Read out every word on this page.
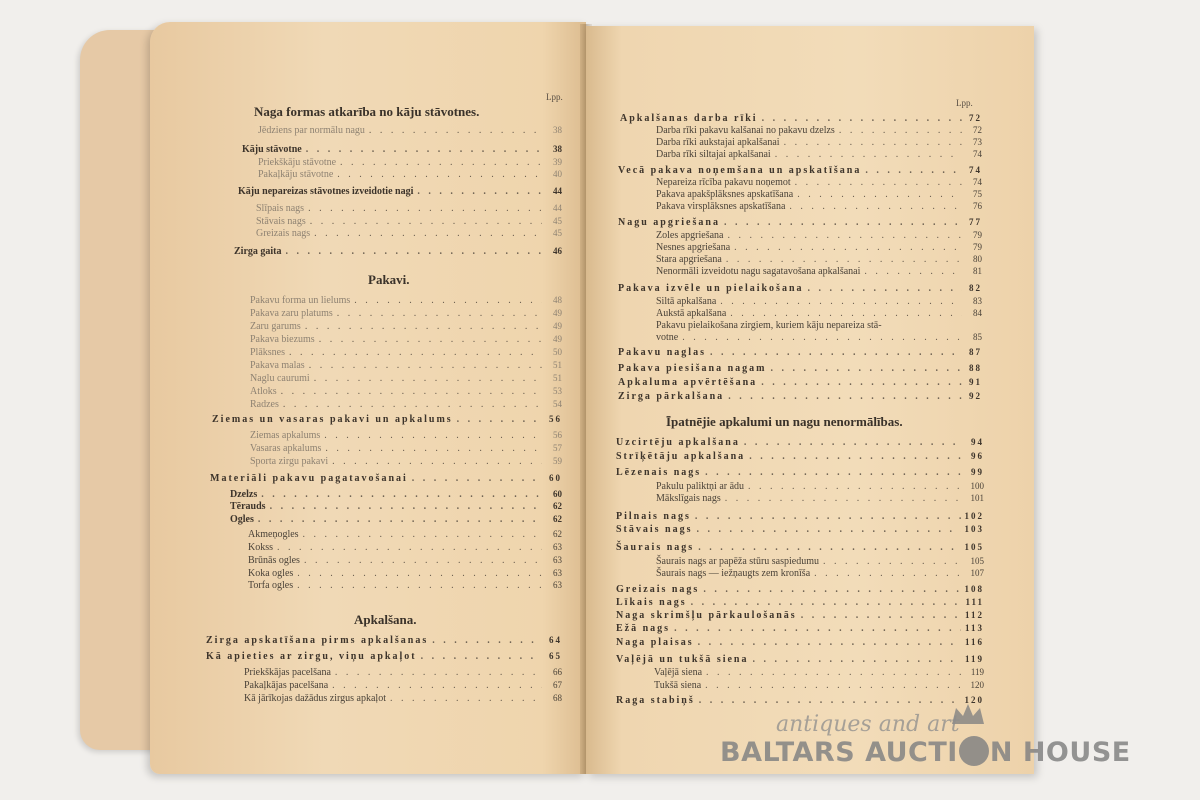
Lpp.
Naga formas atkarība no kāju stāvotnes.
Jēdziens par normālu nagu . . .	38
Kāju stāvotne . . .	38
Priekškāju stāvotne . . .	39
Pakaļkāju stāvotne . . .	40
Kāju nepareizas stāvotnes izveidotie nagi . . .	44
Slīpais nags . . .	44
Stāvais nags . . .	45
Greizais nags . . .	45
Zirga gaita . . .	46
Pakavi.
Pakavu forma un lielums . . .	48
Pakava zaru platums . . .	49
Zaru garums . . .	49
Pakava biezums . . .	49
Plāksnes . . .	50
Pakava malas . . .	51
Naglu caurumi . . .	51
Atloks . . .	53
Radzes . . .	54
Ziemas un vasaras pakavi un apkalums . . .	56
Ziemas apkalums . . .	56
Vasaras apkalums . . .	57
Sporta zirgu pakavi . . .	59
Materiāli pakavu pagatavošanai . . .	60
Dzelzs . . .	60
Tērauds . . .	62
Ogles . . .	62
Akmeņogles . . .	62
Kokss . . .	63
Brūnās ogles . . .	63
Koka ogles . . .	63
Torfa ogles . . .	63
Apkalšana.
Zirga apskatīšana pirms apkalšanas . . .	64
Kā apieties ar zirgu, viņu apkaļot . . .	65
Priekškājas pacelšana . . .	66
Pakaļkājas pacelšana . . .	67
Kā jārīkojas dažādus zirgus apkaļot . . .	68
Lpp.
Apkalšanas darba rīki . . .	72
Darba rīki pakavu kalšanai no pakavu dzelzs . . .	72
Darba rīki aukstajai apkalšanai . . .	73
Darba rīki siltajai apkalšanai . . .	74
Vecā pakava noņemšana un apskatīšana . . .	74
Nepareiza rīcība pakavu noņemot . . .	74
Pakava apakšplāksnes apskatīšana . . .	75
Pakava virsplāksnes apskatīšana . . .	76
Nagu apgriešana . . .	77
Zoles apgriešana . . .	79
Nesnes apgriešana . . .	79
Stara apgriešana . . .	80
Nenormāli izveidotu nagu sagatavošana apkalšanai . . .	81
Pakava izvēle un pielaikošana . . .	82
Siltā apkalšana . . .	83
Aukstā apkalšana . . .	84
Pakavu pielaikošana zirgiem, kuriem kāju nepareiza stā-
votne . . .	85
Pakavu naglas . . .	87
Pakava piesišana nagam . . .	88
Apkaluma apvērtēšana . . .	91
Zirga pārkalšana . . .	92
Īpatnējie apkalumi un nagu nenormālības.
Uzcirtēju apkalšana . . .	94
Strīķētāju apkalšana . . .	96
Lēzenais nags . . .	99
Pakulu paliktņi ar ādu . . .	100
Mākslīgais nags . . .	101
Pilnais nags . . .	102
Stāvais nags . . .	103
Šaurais nags . . .	105
Šaurais nags ar papēža stūru saspiedumu . . .	105
Šaurais nags — iežņaugts zem kronīša . . .	107
Greizais nags . . .	108
Līkais nags . . .	111
Naga skrimšļu pārkaulošanās . . .	112
Ežā nags . . .	113
Naga plaisas . . .	116
Vaļējā un tukšā siena . . .	119
Vaļējā siena . . .	119
Tukšā siena . . .	120
Raga stabiņš . . .	120
antiques and art
BALTARS AUCTI N HOUSE
